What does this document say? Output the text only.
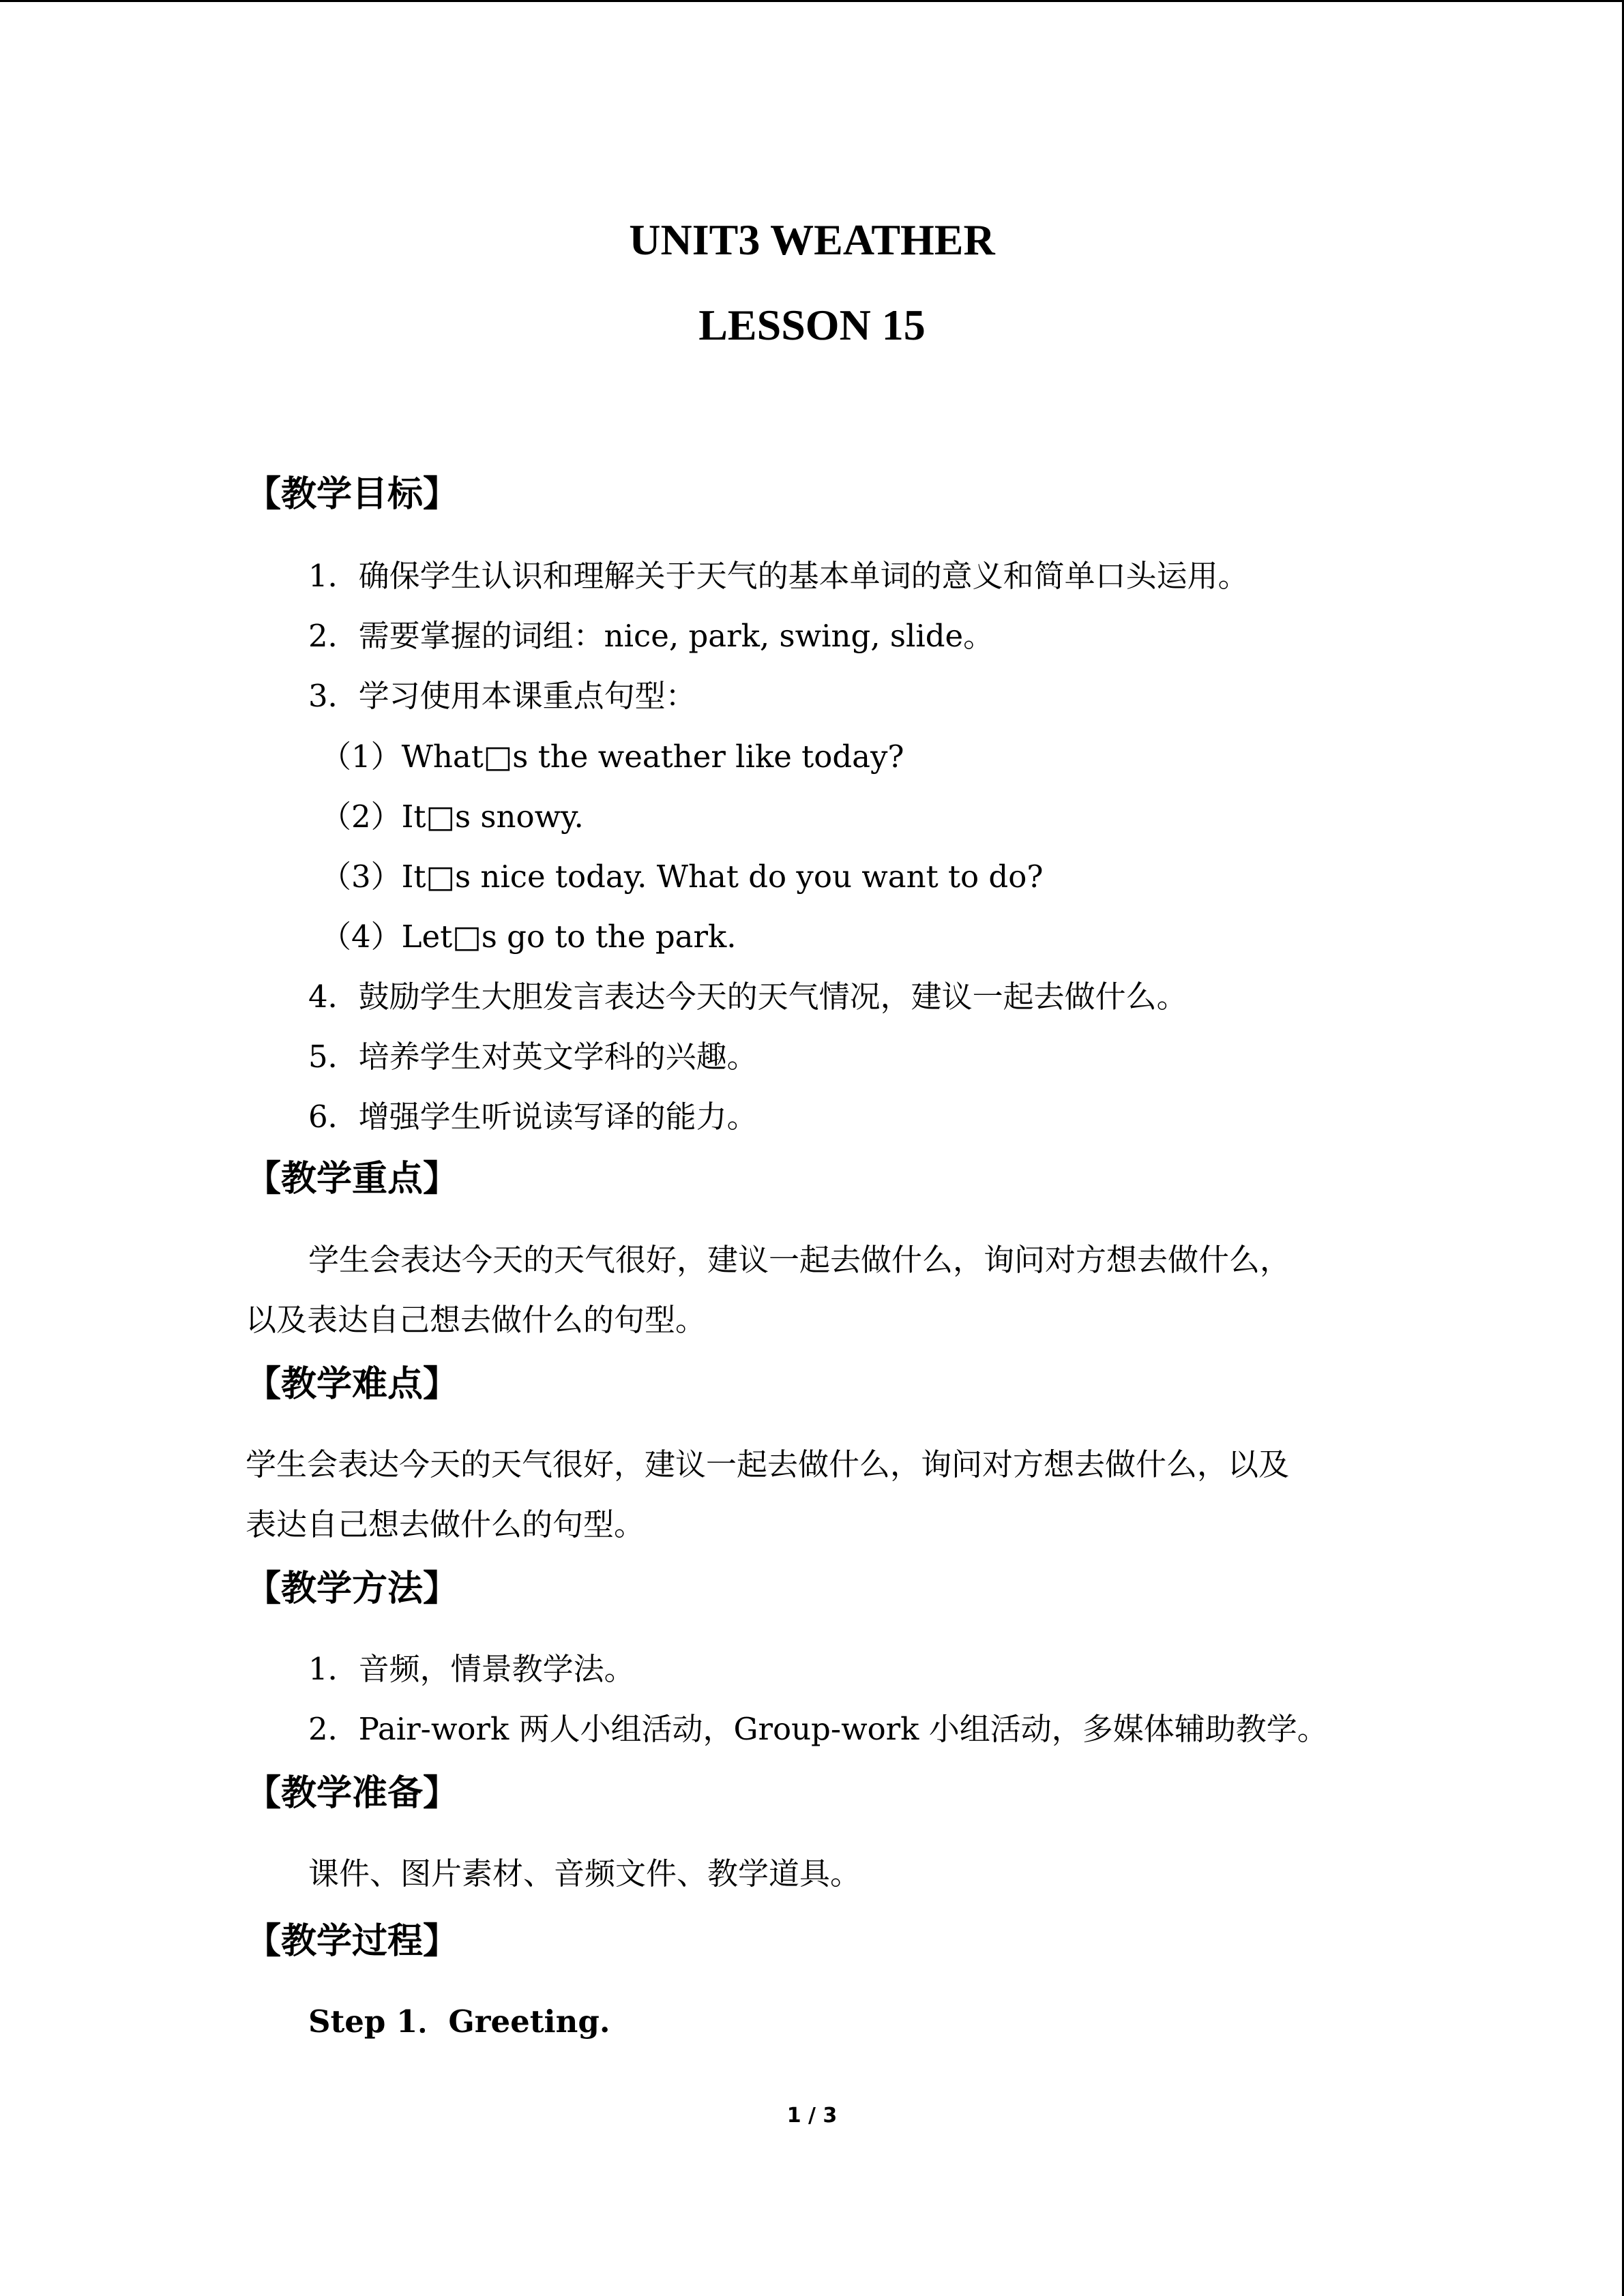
UNIT3 WEATHER
LESSON 15
【教学目标】
1．确保学生认识和理解关于天气的基本单词的意义和简单口头运用。
2．需要掌握的词组：nice, park, swing, slide。
3．学习使用本课重点句型：
（1）What□s the weather like today?
（2）It□s snowy.
（3）It□s nice today. What do you want to do?
（4）Let□s go to the park.
4．鼓励学生大胆发言表达今天的天气情况，建议一起去做什么。
5．培养学生对英文学科的兴趣。
6．增强学生听说读写译的能力。
【教学重点】
学生会表达今天的天气很好，建议一起去做什么，询问对方想去做什么，
以及表达自己想去做什么的句型。
【教学难点】
学生会表达今天的天气很好，建议一起去做什么，询问对方想去做什么，以及
表达自己想去做什么的句型。
【教学方法】
1．音频，情景教学法。
2．Pair-work 两人小组活动，Group-work 小组活动，多媒体辅助教学。
【教学准备】
课件、图片素材、音频文件、教学道具。
【教学过程】
Step 1．Greeting.
1 / 3
